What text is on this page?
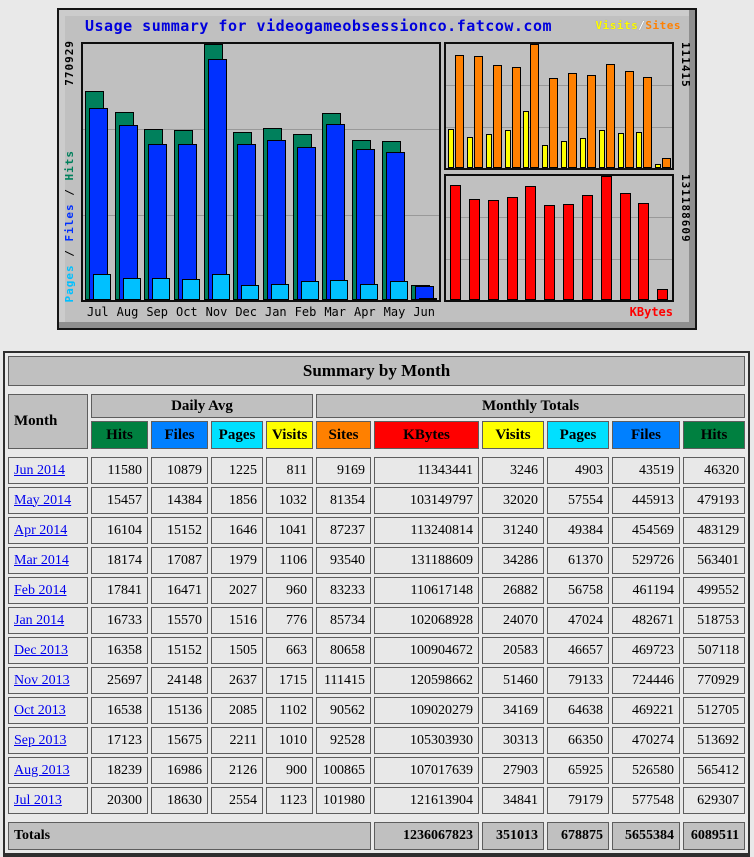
Usage summary for videogameobsessionco.fatcow.com	Visits/Sites
770929
Pages / Files / Hits
111415
131188609
KBytes
Jul Aug Sep Oct Nov Dec Jan Feb Mar Apr May Jun
Summary by Month										

Month	Daily Avg				Monthly Totals					
	Hits	Files	Pages	Visits	Sites	KBytes	Visits	Pages	Files	Hits

Jun 2014	11580	10879	1225	811	9169	11343441	3246	4903	43519	46320
May 2014	15457	14384	1856	1032	81354	103149797	32020	57554	445913	479193
Apr 2014	16104	15152	1646	1041	87237	113240814	31240	49384	454569	483129
Mar 2014	18174	17087	1979	1106	93540	131188609	34286	61370	529726	563401
Feb 2014	17841	16471	2027	960	83233	110617148	26882	56758	461194	499552
Jan 2014	16733	15570	1516	776	85734	102068928	24070	47024	482671	518753
Dec 2013	16358	15152	1505	663	80658	100904672	20583	46657	469723	507118
Nov 2013	25697	24148	2637	1715	111415	120598662	51460	79133	724446	770929
Oct 2013	16538	15136	2085	1102	90562	109020279	34169	64638	469221	512705
Sep 2013	17123	15675	2211	1010	92528	105303930	30313	66350	470274	513692
Aug 2013	18239	16986	2126	900	100865	107017639	27903	65925	526580	565412
Jul 2013	20300	18630	2554	1123	101980	121613904	34841	79179	577548	629307

Totals						1236067823	351013	678875	5655384	6089511
